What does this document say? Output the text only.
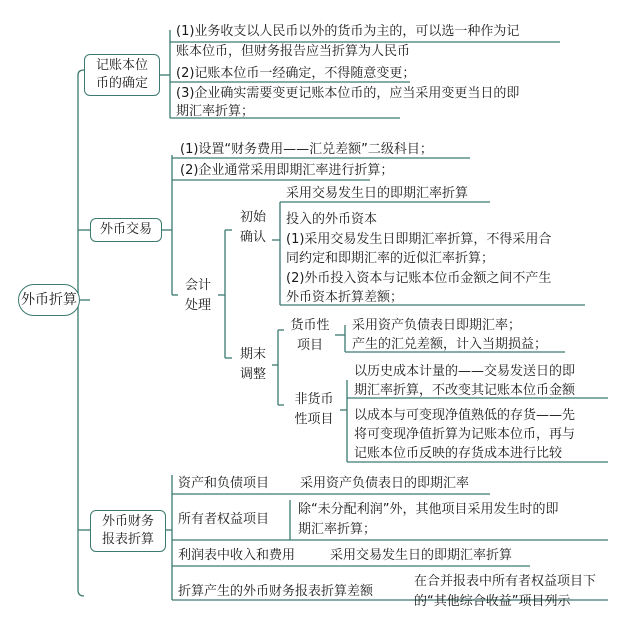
外币折算
记账本位
币的确定
(1)业务收支以人民币以外的货币为主的，可以选一种作为记
账本位币，但财务报告应当折算为人民币
(2)记账本位币一经确定，不得随意变更；
(3)企业确实需要变更记账本位币的，应当采用变更当日的即
期汇率折算；
外币交易
(1)设置“财务费用——汇兑差额”二级科目；
(2)企业通常采用即期汇率进行折算；
会计
处理
初始
确认
采用交易发生日的即期汇率折算
投入的外币资本
(1)采用交易发生日即期汇率折算，不得采用合
同约定和即期汇率的近似汇率折算；
(2)外币投入资本与记账本位币金额之间不产生
外币资本折算差额；
期末
调整
货币性
项目
采用资产负债表日即期汇率；
产生的汇兑差额，计入当期损益；
非货币
性项目
以历史成本计量的——交易发送日的即
期汇率折算，不改变其记账本位币金额
以成本与可变现净值熟低的存货——先
将可变现净值折算为记账本位币，再与
记账本位币反映的存货成本进行比较
外币财务
报表折算
资产和负债项目 采用资产负债表日的即期汇率
所有者权益项目
除“未分配利润”外，其他项目采用发生时的即
期汇率折算；
利润表中收入和费用	采用交易发生日的即期汇率折算
折算产生的外币财务报表折算差额
在合并报表中所有者权益项目下
的“其他综合收益”项目列示
